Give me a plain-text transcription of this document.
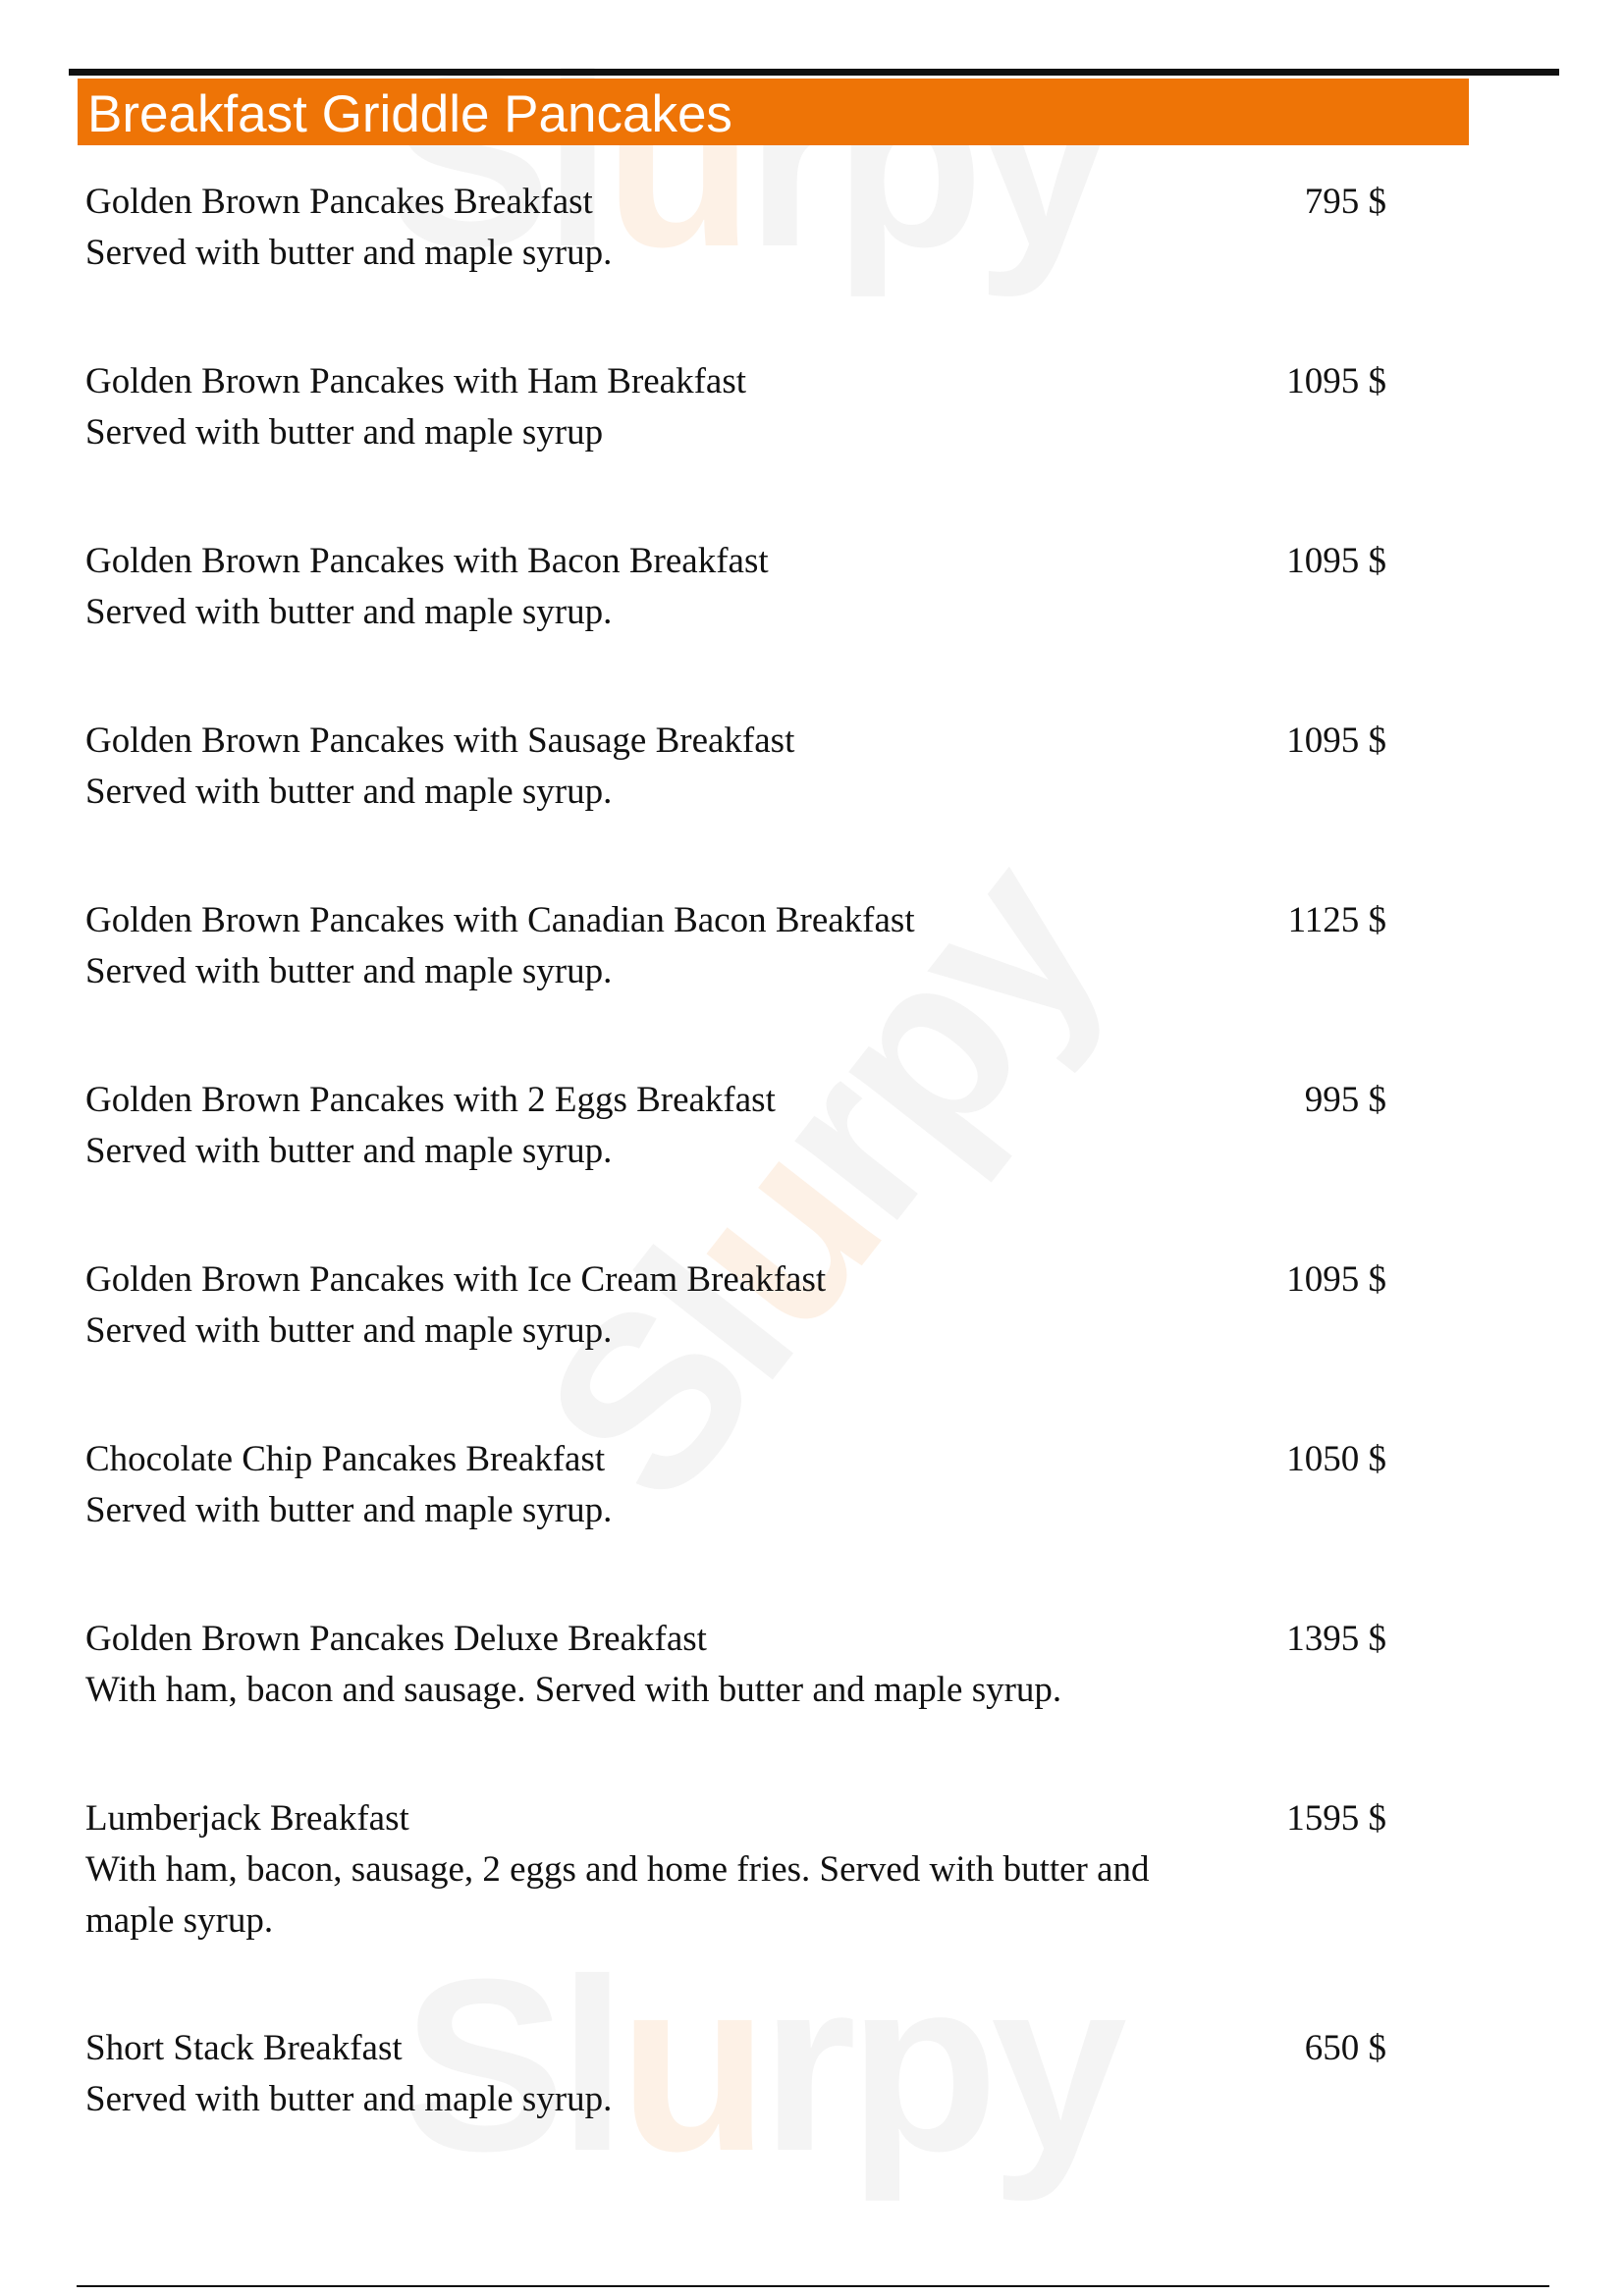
u
u
u
Breakfast Griddle Pancakes
Golden Brown Pancakes Breakfast
Served with butter and maple syrup.
795 $
Golden Brown Pancakes with Ham Breakfast
Served with butter and maple syrup
1095 $
Golden Brown Pancakes with Bacon Breakfast
Served with butter and maple syrup.
1095 $
Golden Brown Pancakes with Sausage Breakfast
Served with butter and maple syrup.
1095 $
Golden Brown Pancakes with Canadian Bacon Breakfast
Served with butter and maple syrup.
1125 $
Golden Brown Pancakes with 2 Eggs Breakfast
Served with butter and maple syrup.
995 $
Golden Brown Pancakes with Ice Cream Breakfast
Served with butter and maple syrup.
1095 $
Chocolate Chip Pancakes Breakfast
Served with butter and maple syrup.
1050 $
Golden Brown Pancakes Deluxe Breakfast
With ham, bacon and sausage. Served with butter and maple syrup.
1395 $
Lumberjack Breakfast
With ham, bacon, sausage, 2 eggs and home fries. Served with butter and maple syrup.
1595 $
Short Stack Breakfast
Served with butter and maple syrup.
650 $
